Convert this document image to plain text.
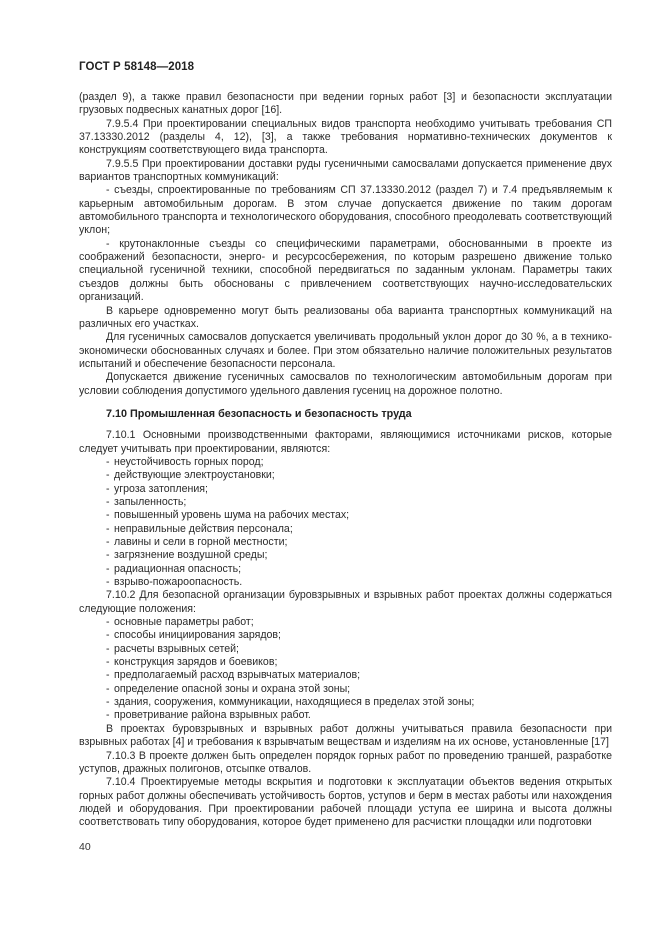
ГОСТ Р 58148—2018

(раздел 9), а также правил безопасности при ведении горных работ [3] и безопасности эксплуатации грузовых подвесных канатных дорог [16].

7.9.5.4 При проектировании специальных видов транспорта необходимо учитывать требования СП 37.13330.2012 (разделы 4, 12), [3], а также требования нормативно-технических документов к конструкциям соответствующего вида транспорта.

7.9.5.5 При проектировании доставки руды гусеничными самосвалами допускается применение двух вариантов транспортных коммуникаций:

- съезды, спроектированные по требованиям СП 37.13330.2012 (раздел 7) и 7.4 предъявляемым к карьерным автомобильным дорогам. В этом случае допускается движение по таким дорогам автомобильного транспорта и технологического оборудования, способного преодолевать соответствующий уклон;

- крутонаклонные съезды со специфическими параметрами, обоснованными в проекте из соображений безопасности, энерго- и ресурсосбережения, по которым разрешено движение только специальной гусеничной техники, способной передвигаться по заданным уклонам. Параметры таких съездов должны быть обоснованы с привлечением соответствующих научно-исследовательских организаций.

В карьере одновременно могут быть реализованы оба варианта транспортных коммуникаций на различных его участках.

Для гусеничных самосвалов допускается увеличивать продольный уклон дорог до 30 %, а в технико-экономически обоснованных случаях и более. При этом обязательно наличие положительных результатов испытаний и обеспечение безопасности персонала.

Допускается движение гусеничных самосвалов по технологическим автомобильным дорогам при условии соблюдения допустимого удельного давления гусениц на дорожное полотно.

7.10 Промышленная безопасность и безопасность труда

7.10.1 Основными производственными факторами, являющимися источниками рисков, которые следует учитывать при проектировании, являются:

- неустойчивость горных пород;

- действующие электроустановки;

- угроза затопления;

- запыленность;

- повышенный уровень шума на рабочих местах;

- неправильные действия персонала;

- лавины и сели в горной местности;

- загрязнение воздушной среды;

- радиационная опасность;

- взрыво-пожароопасность.

7.10.2 Для безопасной организации буровзрывных и взрывных работ проектах должны содержаться следующие положения:

- основные параметры работ;

- способы инициирования зарядов;

- расчеты взрывных сетей;

- конструкция зарядов и боевиков;

- предполагаемый расход взрывчатых материалов;

- определение опасной зоны и охрана этой зоны;

- здания, сооружения, коммуникации, находящиеся в пределах этой зоны;

- проветривание района взрывных работ.

В проектах буровзрывных и взрывных работ должны учитываться правила безопасности при взрывных работах [4] и требования к взрывчатым веществам и изделиям на их основе, установленные [17]

7.10.3 В проекте должен быть определен порядок горных работ по проведению траншей, разработке уступов, дражных полигонов, отсыпке отвалов.

7.10.4 Проектируемые методы вскрытия и подготовки к эксплуатации объектов ведения открытых горных работ должны обеспечивать устойчивость бортов, уступов и берм в местах работы или нахождения людей и оборудования. При проектировании рабочей площади уступа ее ширина и высота должны соответствовать типу оборудования, которое будет применено для расчистки площадки или подготовки

40
